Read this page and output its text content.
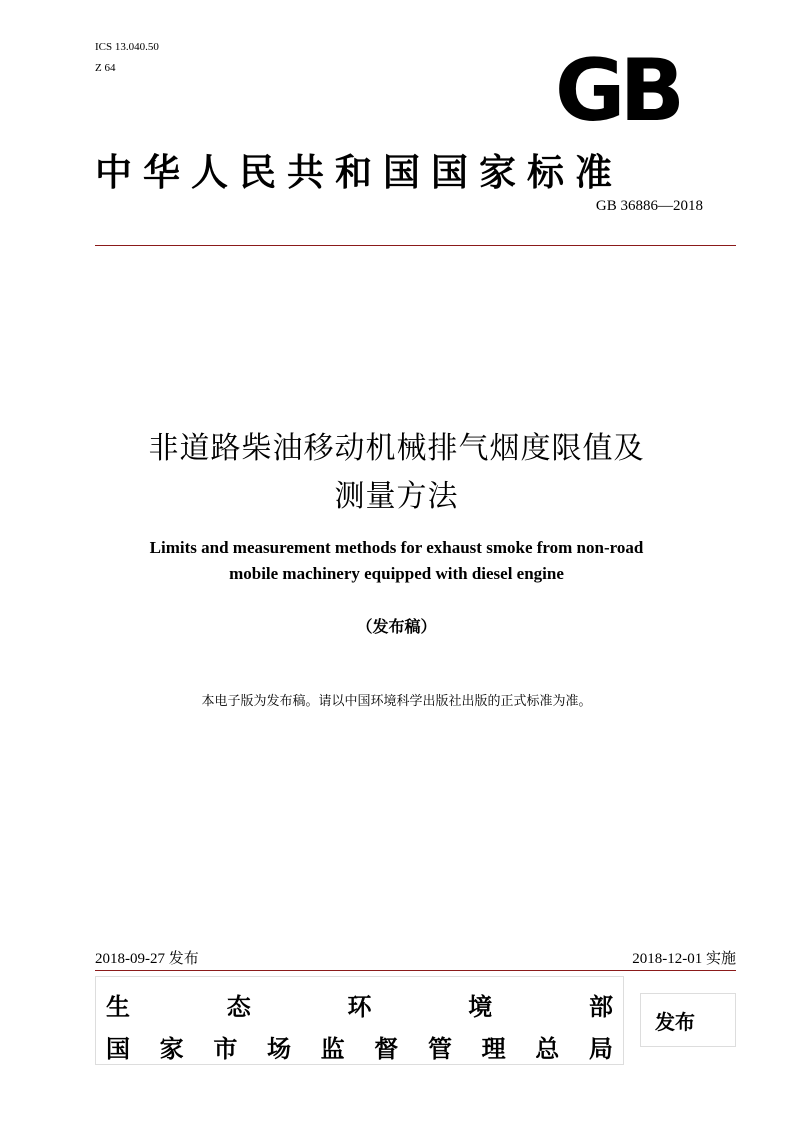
ICS 13.040.50
Z 64	GB
中华人民共和国国家标准
GB 36886—2018
非道路柴油移动机械排气烟度限值及
测量方法
Limits and measurement methods for exhaust smoke from non-road
mobile machinery equipped with diesel engine
（发布稿）
本电子版为发布稿。请以中国环境科学出版社出版的正式标准为准。
2018-09-27 发布	2018-12-01 实施
生	态	环	境	部
国 家 市 场 监 督 管 理 总 局
发布
